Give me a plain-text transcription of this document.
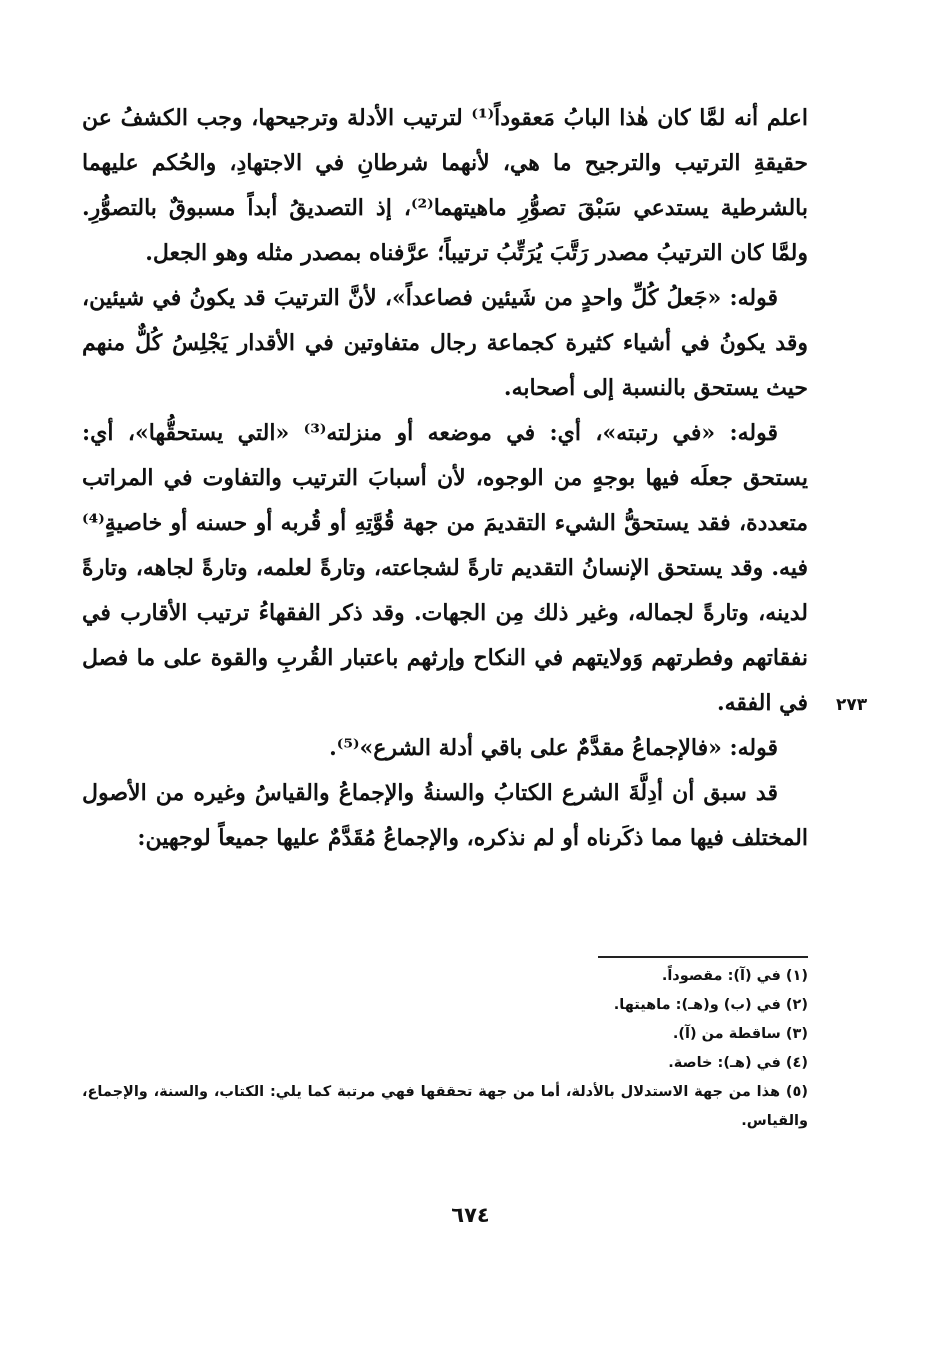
اعلم أنه لمَّا كان هٰذا البابُ مَعقوداً⁽¹⁾ لترتيب الأدلة وترجيحها، وجب الكشفُ عن حقيقةِ الترتيب والترجيح ما هي، لأنهما شرطانِ في الاجتهادِ، والحُكم عليهما بالشرطية يستدعي سَبْقَ تصوُّرِ ماهيتهما⁽²⁾، إذ التصديقُ أبداً مسبوقٌ بالتصوُّرِ. ولمَّا كان الترتيبُ مصدر رَتَّبَ يُرَتِّبُ ترتيباً؛ عرَّفناه بمصدر مثله وهو الجعل.

قوله: «جَعلُ كُلِّ واحدٍ من شَيئين فصاعداً»، لأنَّ الترتيبَ قد يكونُ في شيئين، وقد يكونُ في أشياء كثيرة كجماعة رجال متفاوتين في الأقدار يَجْلِسُ كُلٌّ منهم حيث يستحق بالنسبة إلى أصحابه.

قوله: «في رتبته»، أي: في موضعه أو منزلته⁽³⁾ «التي يستحقُّها»، أي: يستحق جعلَه فيها بوجهٍ من الوجوه، لأن أسبابَ الترتيب والتفاوت في المراتب متعددة، فقد يستحقُّ الشيء التقديمَ من جهة قُوَّتِهِ أو قُربه أو حسنه أو خاصيةٍ⁽⁴⁾ فيه. وقد يستحق الإنسانُ التقديم تارةً لشجاعته، وتارةً لعلمه، وتارةً لجاهه، وتارةً لدينه، وتارةً لجماله، وغير ذلك مِن الجهات. وقد ذكر الفقهاءُ ترتيب الأقارب في نفقاتهم وفطرتهم وَولايتهم في النكاح وإرثهم باعتبار القُربِ والقوة على ما فصل في الفقه.

قوله: «فالإجماعُ مقدَّمٌ على باقي أدلة الشرع»⁽⁵⁾.

قد سبق أن أدِلَّةَ الشرع الكتابُ والسنةُ والإجماعُ والقياسُ وغيره من الأصول المختلف فيها مما ذكَرناه أو لم نذكره، والإجماعُ مُقَدَّمٌ عليها جميعاً لوجهين:

٢٧٣

(١) في (آ): مقصوداً.

(٢) في (ب) و(هـ): ماهيتها.

(٣) ساقطة من (آ).

(٤) في (هـ): خاصة.

(٥) هذا من جهة الاستدلال بالأدلة، أما من جهة تحققها فهي مرتبة كما يلي: الكتاب، والسنة، والإجماع، والقياس.

٦٧٤
